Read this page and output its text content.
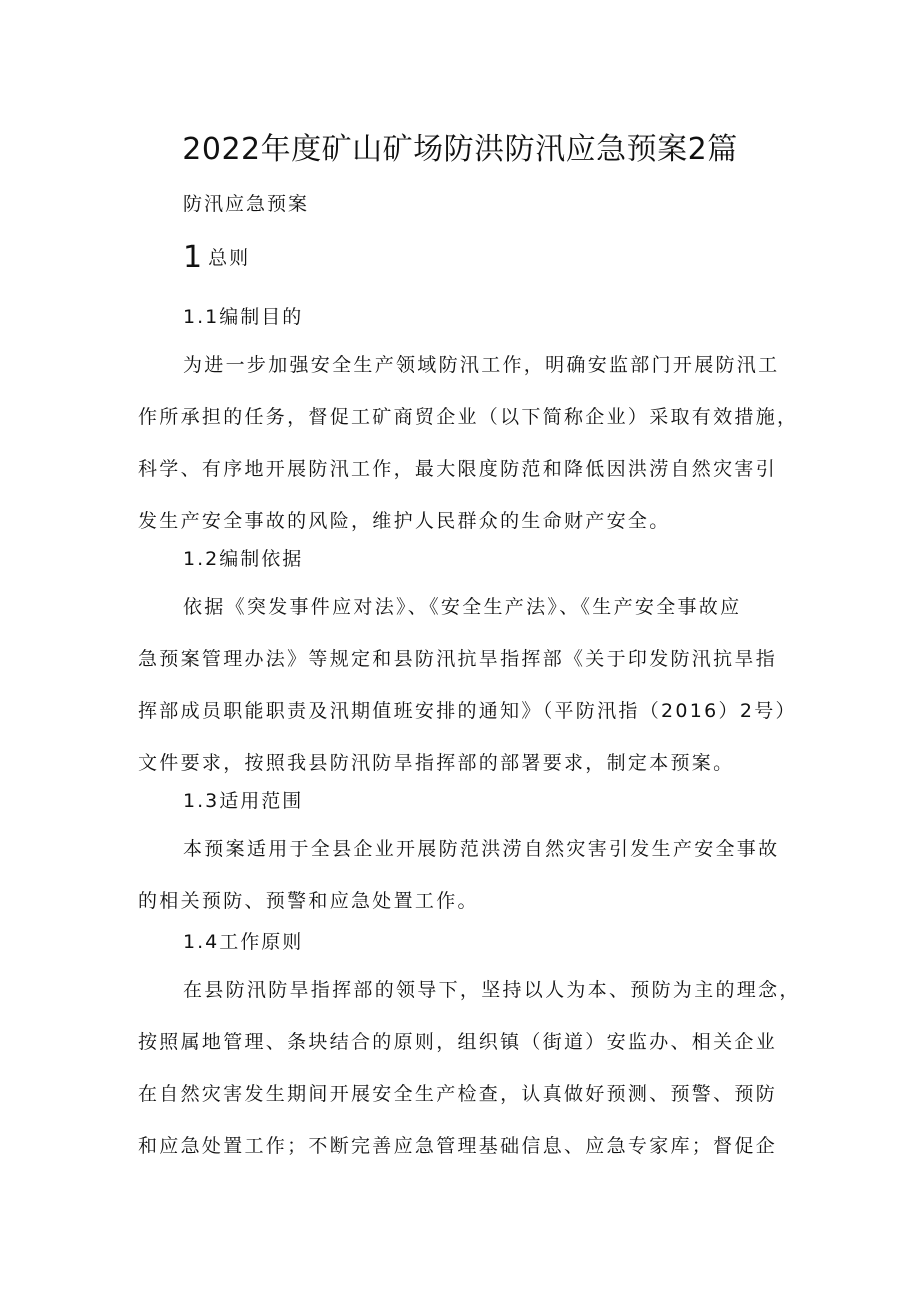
2022年度矿山矿场防洪防汛应急预案2篇
防汛应急预案
1 总则
1.1编制目的
为进一步加强安全生产领域防汛工作，明确安监部门开展防汛工
作所承担的任务，督促工矿商贸企业（以下简称企业）采取有效措施，
科学、有序地开展防汛工作，最大限度防范和降低因洪涝自然灾害引
发生产安全事故的风险，维护人民群众的生命财产安全。
1.2编制依据
依据《突发事件应对法》、《安全生产法》、《生产安全事故应
急预案管理办法》等规定和县防汛抗旱指挥部《关于印发防汛抗旱指
挥部成员职能职责及汛期值班安排的通知》（平防汛指（2016）2号）
文件要求，按照我县防汛防旱指挥部的部署要求，制定本预案。
1.3适用范围
本预案适用于全县企业开展防范洪涝自然灾害引发生产安全事故
的相关预防、预警和应急处置工作。
1.4工作原则
在县防汛防旱指挥部的领导下，坚持以人为本、预防为主的理念，
按照属地管理、条块结合的原则，组织镇（街道）安监办、相关企业
在自然灾害发生期间开展安全生产检查，认真做好预测、预警、预防
和应急处置工作；不断完善应急管理基础信息、应急专家库；督促企
